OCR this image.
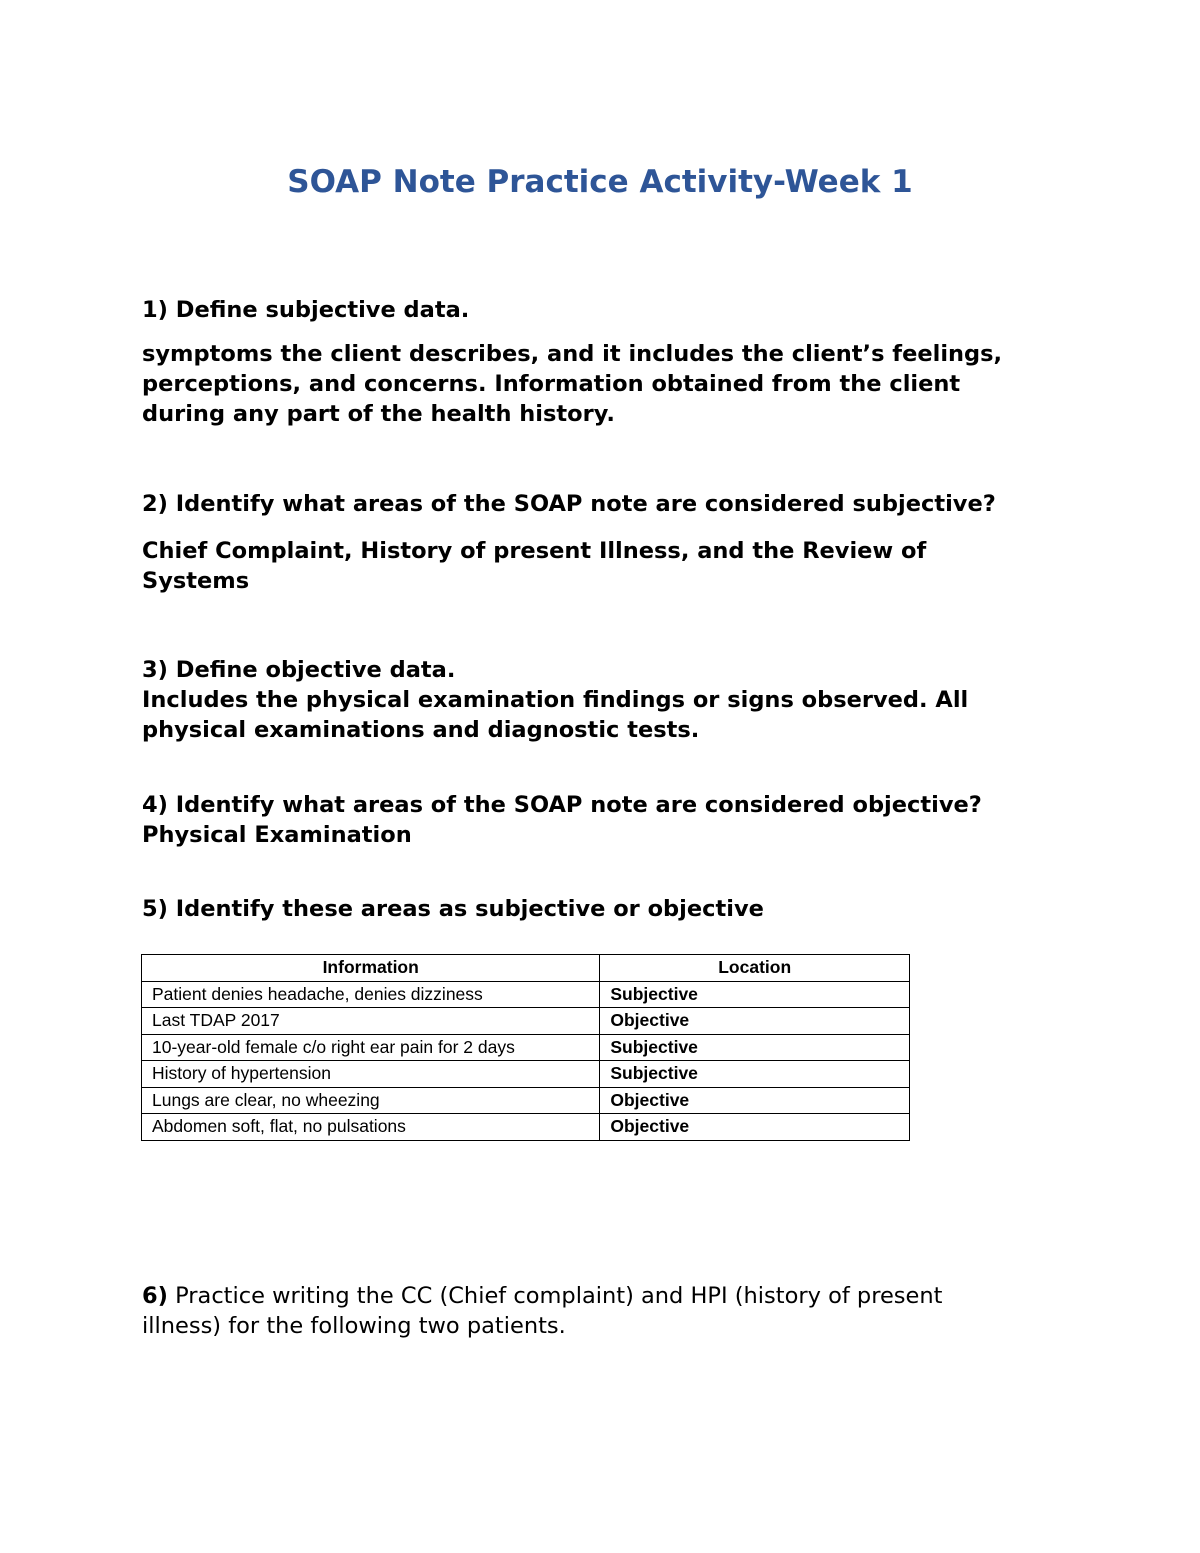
SOAP Note Practice Activity-Week 1

1) Define subjective data.

symptoms the client describes, and it includes the client’s feelings,

perceptions, and concerns. Information obtained from the client

during any part of the health history.

2) Identify what areas of the SOAP note are considered subjective?

Chief Complaint, History of present Illness, and the Review of

Systems

3) Define objective data.

Includes the physical examination findings or signs observed. All

physical examinations and diagnostic tests.

4) Identify what areas of the SOAP note are considered objective?

Physical Examination

5) Identify these areas as subjective or objective

Information	Location
Patient denies headache, denies dizziness	Subjective
Last TDAP 2017	Objective
10-year-old female c/o right ear pain for 2 days	Subjective
History of hypertension	Subjective
Lungs are clear, no wheezing	Objective
Abdomen soft, flat, no pulsations	Objective

6) Practice writing the CC (Chief complaint) and HPI (history of present

illness) for the following two patients.
